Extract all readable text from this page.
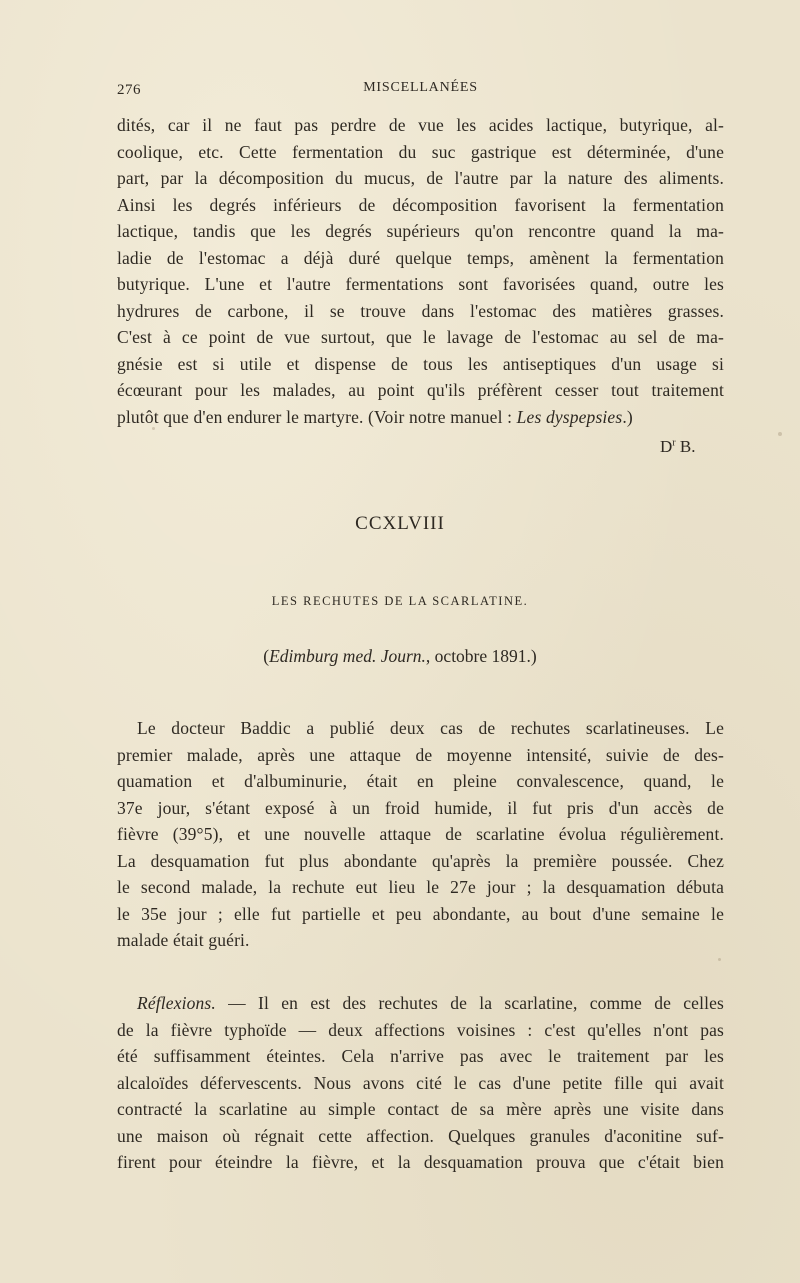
276	MISCELLANÉES
dités, car il ne faut pas perdre de vue les acides lactique, butyrique, al-
coolique, etc. Cette fermentation du suc gastrique est déterminée, d'une
part, par la décomposition du mucus, de l'autre par la nature des aliments.
Ainsi les degrés inférieurs de décomposition favorisent la fermentation
lactique, tandis que les degrés supérieurs qu'on rencontre quand la ma-
ladie de l'estomac a déjà duré quelque temps, amènent la fermentation
butyrique. L'une et l'autre fermentations sont favorisées quand, outre les
hydrures de carbone, il se trouve dans l'estomac des matières grasses.
C'est à ce point de vue surtout, que le lavage de l'estomac au sel de ma-
gnésie est si utile et dispense de tous les antiseptiques d'un usage si
écœurant pour les malades, au point qu'ils préfèrent cesser tout traitement
plutôt que d'en endurer le martyre. (Voir notre manuel : Les dyspepsies.)
$D^r$ B.
CCXLVIII
LES RECHUTES DE LA SCARLATINE.
(Edimburg med. Journ., octobre 1891.)
Le docteur Baddic a publié deux cas de rechutes scarlatineuses. Le
premier malade, après une attaque de moyenne intensité, suivie de des-
quamation et d'albuminurie, était en pleine convalescence, quand, le
37e jour, s'étant exposé à un froid humide, il fut pris d'un accès de
fièvre (39°5), et une nouvelle attaque de scarlatine évolua régulièrement.
La desquamation fut plus abondante qu'après la première poussée. Chez
le second malade, la rechute eut lieu le 27e jour ; la desquamation débuta
le 35e jour ; elle fut partielle et peu abondante, au bout d'une semaine le
malade était guéri.
Réflexions. — Il en est des rechutes de la scarlatine, comme de celles
de la fièvre typhoïde — deux affections voisines : c'est qu'elles n'ont pas
été suffisamment éteintes. Cela n'arrive pas avec le traitement par les
alcaloïdes défervescents. Nous avons cité le cas d'une petite fille qui avait
contracté la scarlatine au simple contact de sa mère après une visite dans
une maison où régnait cette affection. Quelques granules d'aconitine suf-
firent pour éteindre la fièvre, et la desquamation prouva que c'était bien
